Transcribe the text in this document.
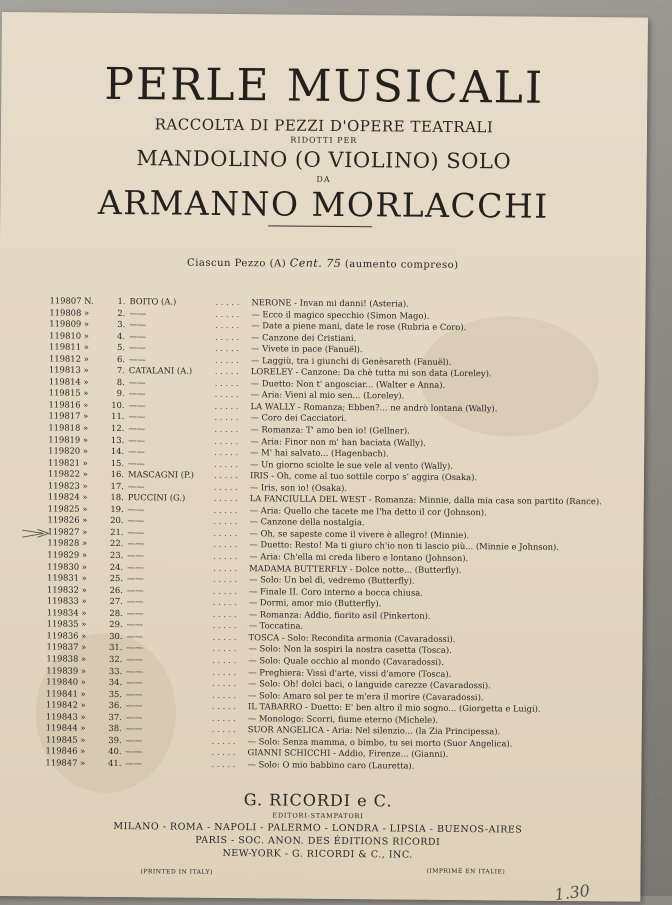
PERLE MUSICALI
RACCOLTA DI PEZZI D'OPERE TEATRALI
RIDOTTI PER
MANDOLINO (O VIOLINO) SOLO
DA
ARMANNO MORLACCHI
Ciascun Pezzo (A) Cent. 75 (aumento compreso)
119807 N.	1. BOITO (A.)	. . . . .	NERONE - Invan mi danni! (Asteria).
119808 »	2. ——	. . . . .	— Ecco il magico specchio (Simon Mago).
119809 »	3. ——	. . . . .	— Date a piene mani, date le rose (Rubria e Coro).
119810 »	4. ——	. . . . .	— Canzone dei Cristiani.
119811 »	5. ——	. . . . .	— Vivete in pace (Fanuël).
119812 »	6. ——	. . . . .	— Laggiù, tra i giunchi di Genèsareth (Fanuël).
119813 »	7. CATALANI (A.)	. . . . .	LORELEY - Canzone: Da chè tutta mi son data (Loreley).
119814 »	8. ——	. . . . .	— Duetto: Non t' angosciar... (Walter e Anna).
119815 »	9. ——	. . . . .	— Aria: Vieni al mio sen... (Loreley).
119816 »	10. ——	. . . . .	LA WALLY - Romanza; Ebben?... ne andrò lontana (Wally).
119817 »	11. ——	. . . . .	— Coro dei Cacciatori.
119818 »	12. ——	. . . . .	— Romanza: T' amo ben io! (Gellner).
119819 »	13. ——	. . . . .	— Aria: Finor non m' han baciata (Wally).
119820 »	14. ——	. . . . .	— M' hai salvato... (Hagenbach).
119821 »	15. ——	. . . . .	— Un giorno sciolte le sue vele al vento (Wally).
119822 »	16. MASCAGNI (P.)	. . . . .	IRIS - Oh, come al tuo sottile corpo s' aggira (Osaka).
119823 »	17. ——	. . . . .	— Iris, son io! (Osaka).
119824 »	18. PUCCINI (G.)	. . . . .	LA FANCIULLA DEL WEST - Romanza: Minnie, dalla mia casa son partito (Rance).
119825 »	19. ——	. . . . .	— Aria: Quello che tacete me l'ha detto il cor (Johnson).
119826 »	20. ——	. . . . .	— Canzone della nostalgia.
119827 »	21. ——	. . . . .	— Oh, se sapeste come il vivere è allegro! (Minnie).
119828 »	22. ——	. . . . .	— Duetto: Resto! Ma ti giuro ch'io non ti lascio più... (Minnie e Johnson).
119829 »	23. ——	. . . . .	— Aria: Ch'ella mi creda libero e lontano (Johnson).
119830 »	24. ——	. . . . .	MADAMA BUTTERFLY - Dolce notte... (Butterfly).
119831 »	25. ——	. . . . .	— Solo: Un bel dì, vedremo (Butterfly).
119832 »	26. ——	. . . . .	— Finale II. Coro interno a bocca chiusa.
119833 »	27. ——	. . . . .	— Dormi, amor mio (Butterfly).
119834 »	28. ——	. . . . .	— Romanza: Addio, fiorito asil (Pinkerton).
119835 »	29. ——	. . . . .	— Toccatina.
119836 »	30. ——	. . . . .	TOSCA - Solo: Recondita armonia (Cavaradossi).
119837 »	31. ——	. . . . .	— Solo: Non la sospiri la nostra casetta (Tosca).
119838 »	32. ——	. . . . .	— Solo: Quale occhio al mondo (Cavaradossi).
119839 »	33. ——	. . . . .	— Preghiera: Vissi d'arte, vissi d'amore (Tosca).
119840 »	34. ——	. . . . .	— Solo: Oh! dolci baci, o languide carezze (Cavaradossi).
119841 »	35. ——	. . . . .	— Solo: Amaro sol per te m'era il morire (Cavaradossi).
119842 »	36. ——	. . . . .	IL TABARRO - Duetto: E' ben altro il mio sogno... (Giorgetta e Luigi).
119843 »	37. ——	. . . . .	— Monologo: Scorri, fiume eterno (Michele).
119844 »	38. ——	. . . . .	SUOR ANGELICA - Aria: Nel silenzio... (la Zia Principessa).
119845 »	39. ——	. . . . .	— Solo: Senza mamma, o bimbo, tu sei morto (Suor Angelica).
119846 »	40. ——	. . . . .	GIANNI SCHICCHI - Addio, Firenze... (Gianni).
119847 »	41. ——	. . . . .	— Solo: O mio babbino caro (Lauretta).
G. RICORDI e C.
EDITORI-STAMPATORI
MILANO - ROMA - NAPOLI - PALERMO - LONDRA - LIPSIA - BUENOS-AIRES
PARIS - SOC. ANON. DES ÉDITIONS RICORDI
NEW-YORK - G. RICORDI & C., INC.
(PRINTED IN ITALY)	(IMPRIMÉ EN ITALIE)
1.30
